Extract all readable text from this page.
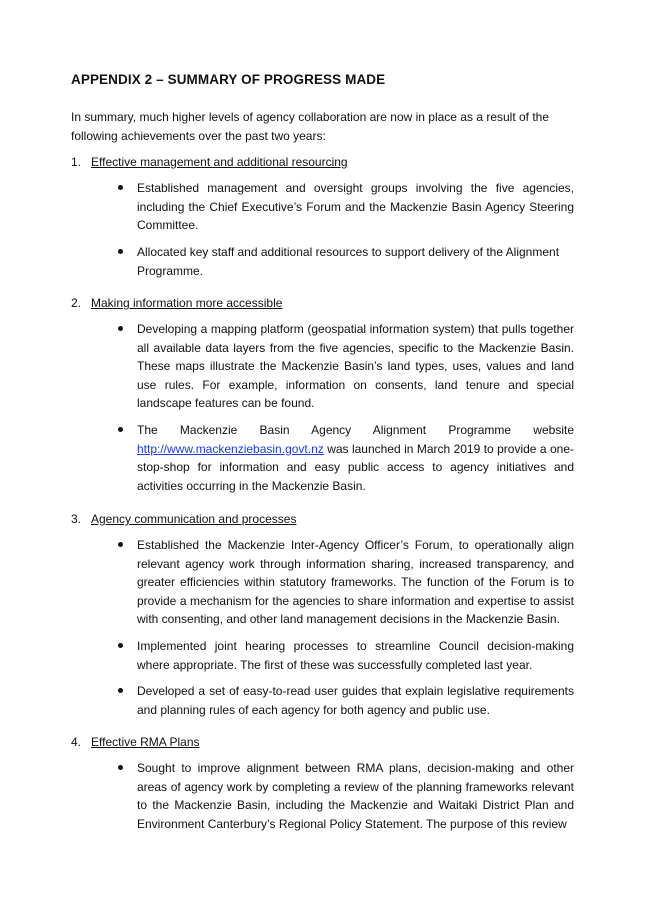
APPENDIX 2 – SUMMARY OF PROGRESS MADE
In summary, much higher levels of agency collaboration are now in place as a result of the following achievements over the past two years:
1. Effective management and additional resourcing
Established management and oversight groups involving the five agencies, including the Chief Executive’s Forum and the Mackenzie Basin Agency Steering Committee.
Allocated key staff and additional resources to support delivery of the Alignment Programme.
2. Making information more accessible
Developing a mapping platform (geospatial information system) that pulls together all available data layers from the five agencies, specific to the Mackenzie Basin. These maps illustrate the Mackenzie Basin’s land types, uses, values and land use rules. For example, information on consents, land tenure and special landscape features can be found.
The Mackenzie Basin Agency Alignment Programme website http://www.mackenziebasin.govt.nz was launched in March 2019 to provide a one-stop-shop for information and easy public access to agency initiatives and activities occurring in the Mackenzie Basin.
3. Agency communication and processes
Established the Mackenzie Inter-Agency Officer’s Forum, to operationally align relevant agency work through information sharing, increased transparency, and greater efficiencies within statutory frameworks. The function of the Forum is to provide a mechanism for the agencies to share information and expertise to assist with consenting, and other land management decisions in the Mackenzie Basin.
Implemented joint hearing processes to streamline Council decision-making where appropriate. The first of these was successfully completed last year.
Developed a set of easy-to-read user guides that explain legislative requirements and planning rules of each agency for both agency and public use.
4. Effective RMA Plans
Sought to improve alignment between RMA plans, decision-making and other areas of agency work by completing a review of the planning frameworks relevant to the Mackenzie Basin, including the Mackenzie and Waitaki District Plan and Environment Canterbury’s Regional Policy Statement. The purpose of this review
